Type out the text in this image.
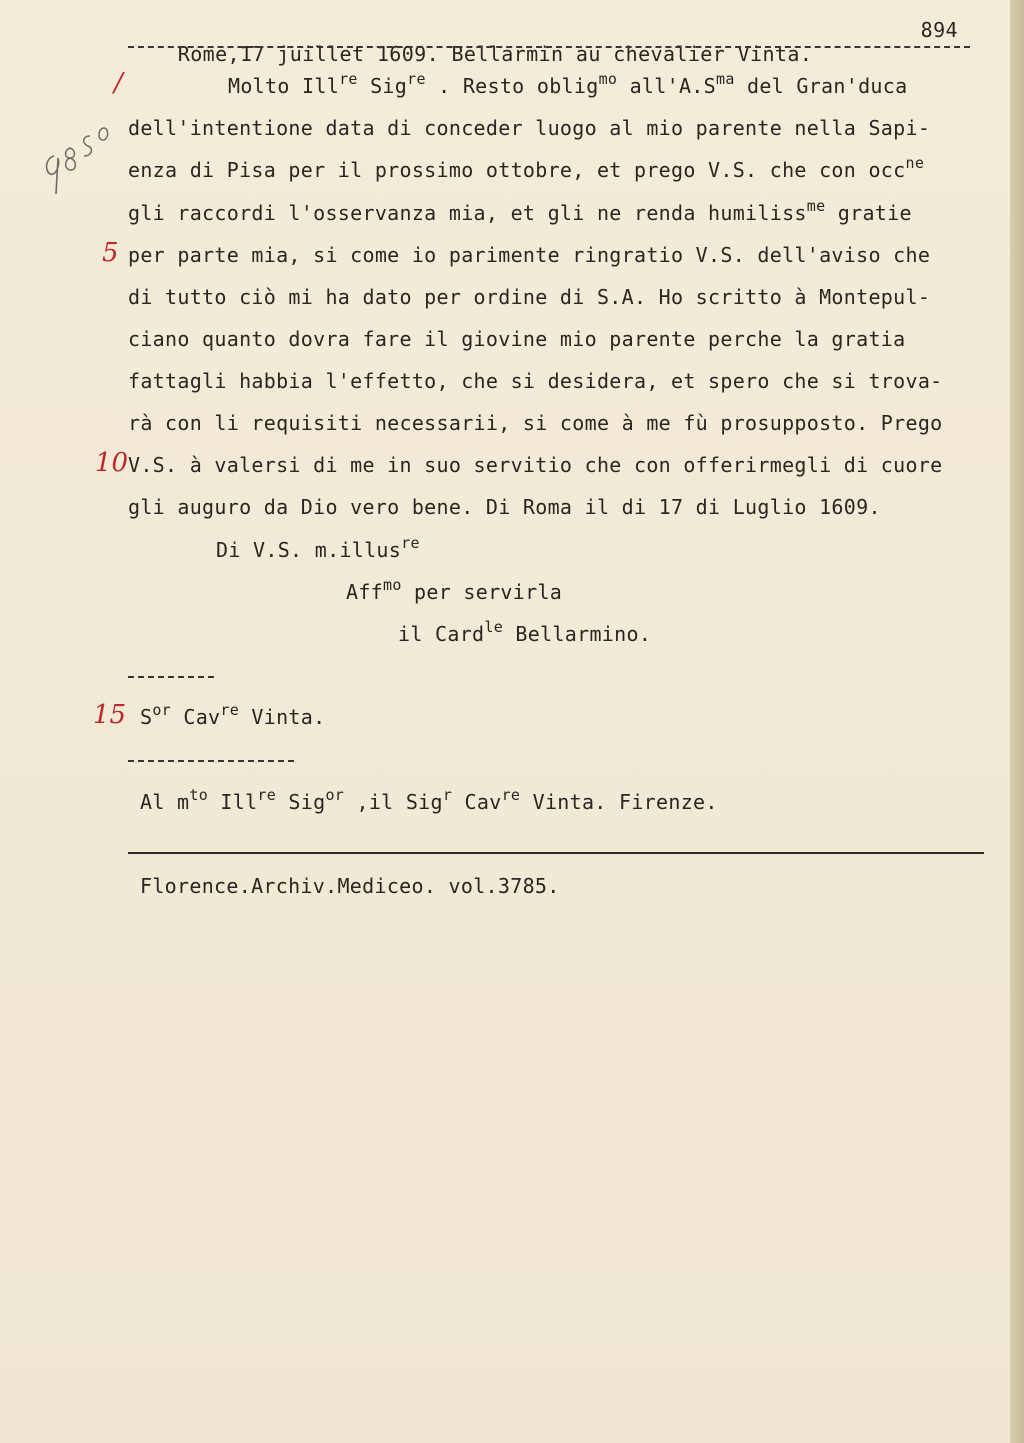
Rome,17 juillet 1609. Bellarmin au chevalier Vinta.

894

/
5
10
15
Molto Ill$^{re}$ Sig$^{re}$ . Resto oblig$^{mo}$ $all'A.S^{ma}$ del Gran'duca
dell'intentione data di conceder luogo al mio parente nella Sapi-
enza di Pisa per il prossimo ottobre, et prego V.S. che con occ$^{ne}$
gli raccordi l'osservanza mia, et gli ne renda humiliss$^{me}$ gratie
per parte mia, si come io parimente ringratio V.S. dell'aviso che
di tutto ciò mi ha dato per ordine di S.A. Ho scritto à Montepul-
ciano quanto dovra fare il giovine mio parente perche la gratia
fattagli habbia l'effetto, che si desidera, et spero che si trova-
rà con li requisiti necessarii, si come à me fù prosupposto. Prego
V.S. à valersi di me in suo servitio che con offerirmegli di cuore
gli auguro da Dio vero bene. Di Roma il di 17 di Luglio 1609.
Di V.S. m.illus$^{re}$
Aff$^{mo}$ per servirla
il Card$^{le}$ Bellarmino.
$S^{or}$ Cav$^{re}$ Vinta.
Al $m^{to}$ Ill$^{re}$ Sig$^{or}$ ,il Sig$^r$ Cav$^{re}$ Vinta. Firenze.
Florence.Archiv.Mediceo. vol.3785.
